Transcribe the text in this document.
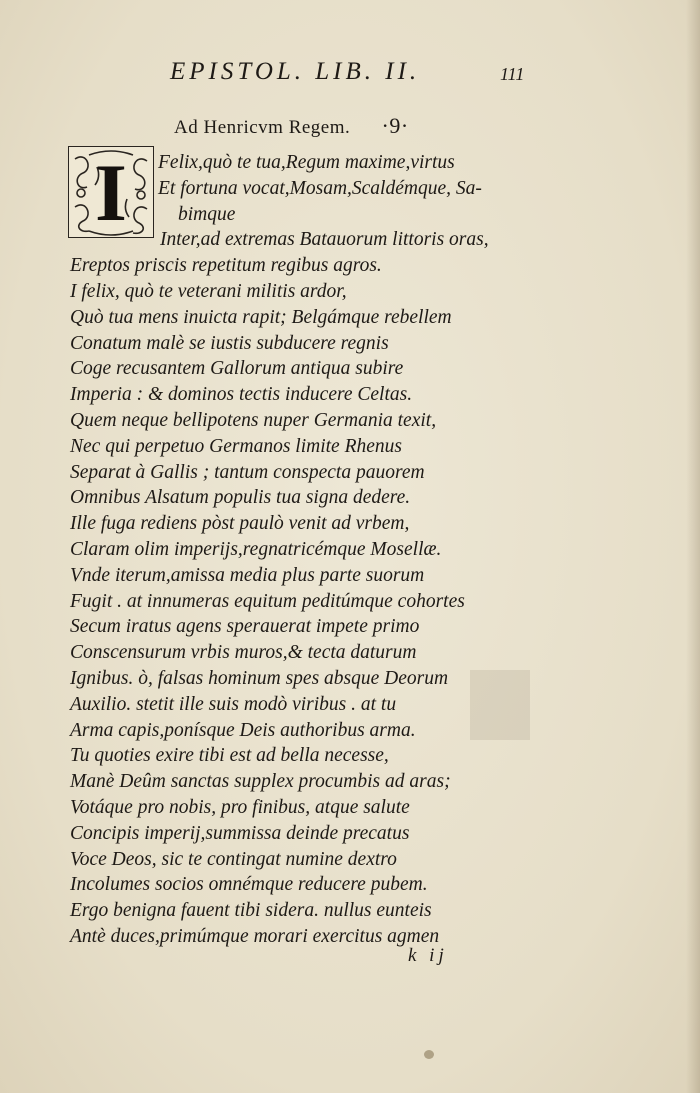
EPISTOL. LIB. II.	111
Ad Henricvm Regem. ·9·
I	Felix,quò te tua,Regum maxime,virtus
Et fortuna vocat,Mosam,Scaldémque, Sa-
bimque
Inter,ad extremas Batauorum littoris oras,
Ereptos priscis repetitum regibus agros.
I felix, quò te veterani militis ardor,
Quò tua mens inuicta rapit; Belgámque rebellem
Conatum malè se iustis subducere regnis
Coge recusantem Gallorum antiqua subire
Imperia : & dominos tectis inducere Celtas.
Quem neque bellipotens nuper Germania texit,
Nec qui perpetuo Germanos limite Rhenus
Separat à Gallis ; tantum conspecta pauorem
Omnibus Alsatum populis tua signa dedere.
Ille fuga rediens pòst paulò venit ad vrbem,
Claram olim imperijs,regnatricémque Mosellæ.
Vnde iterum,amissa media plus parte suorum
Fugit . at innumeras equitum peditúmque cohortes
Secum iratus agens sperauerat impete primo
Conscensurum vrbis muros,& tecta daturum
Ignibus. ò, falsas hominum spes absque Deorum
Auxilio. stetit ille suis modò viribus . at tu
Arma capis,ponísque Deis authoribus arma.
Tu quoties exire tibi est ad bella necesse,
Manè Deûm sanctas supplex procumbis ad aras;
Votáque pro nobis, pro finibus, atque salute
Concipis imperij,summissa deinde precatus
Voce Deos, sic te contingat numine dextro
Incolumes socios omnémque reducere pubem.
Ergo benigna fauent tibi sidera. nullus eunteis
Antè duces,primúmque morari exercitus agmen
k ij
